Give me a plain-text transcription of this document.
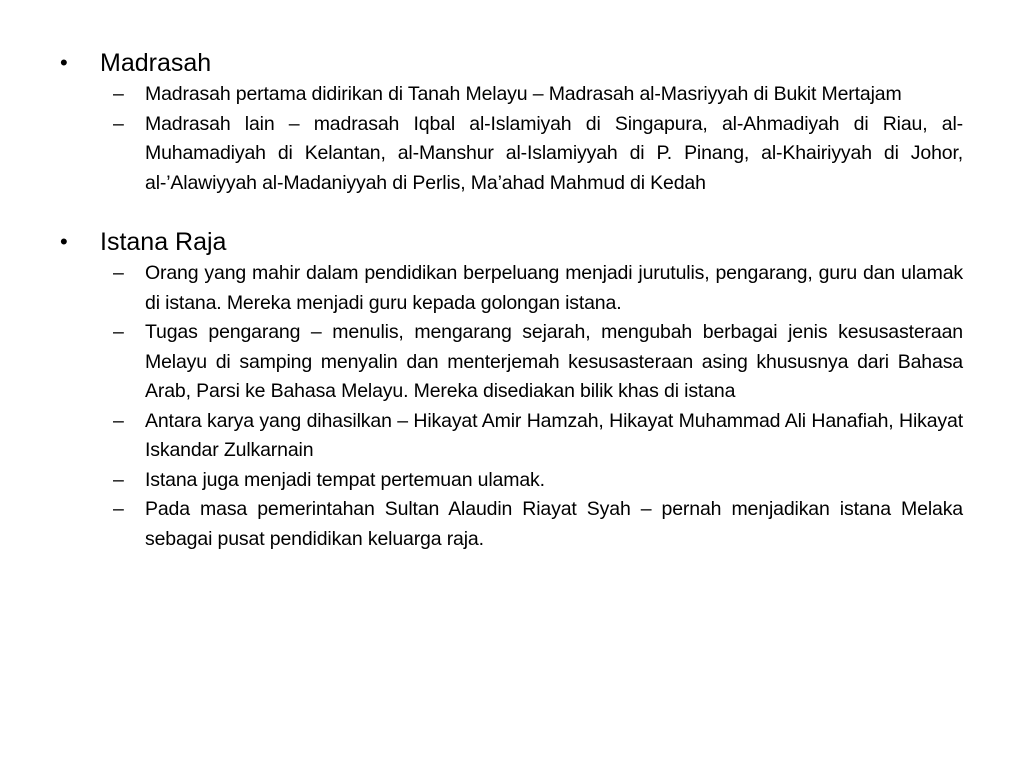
•	Madrasah
– Madrasah pertama didirikan di Tanah Melayu – Madrasah al-Masriyyah di Bukit Mertajam
– Madrasah lain – madrasah Iqbal al-Islamiyah di Singapura, al-Ahmadiyah di Riau, al-Muhamadiyah di Kelantan, al-Manshur al-Islamiyyah di P. Pinang, al-Khairiyyah di Johor, al-’Alawiyyah al-Madaniyyah di Perlis, Ma’ahad Mahmud di Kedah
•	Istana Raja
– Orang yang mahir dalam pendidikan berpeluang menjadi jurutulis, pengarang, guru dan ulamak di istana. Mereka menjadi guru kepada golongan istana.
– Tugas pengarang – menulis, mengarang sejarah, mengubah berbagai jenis kesusasteraan Melayu di samping menyalin dan menterjemah kesusasteraan asing khususnya dari Bahasa Arab, Parsi ke Bahasa Melayu. Mereka disediakan bilik khas di istana
– Antara karya yang dihasilkan – Hikayat Amir Hamzah, Hikayat Muhammad Ali Hanafiah, Hikayat Iskandar Zulkarnain
– Istana juga menjadi tempat pertemuan ulamak.
– Pada masa pemerintahan Sultan Alaudin Riayat Syah – pernah menjadikan istana Melaka sebagai pusat pendidikan keluarga raja.
